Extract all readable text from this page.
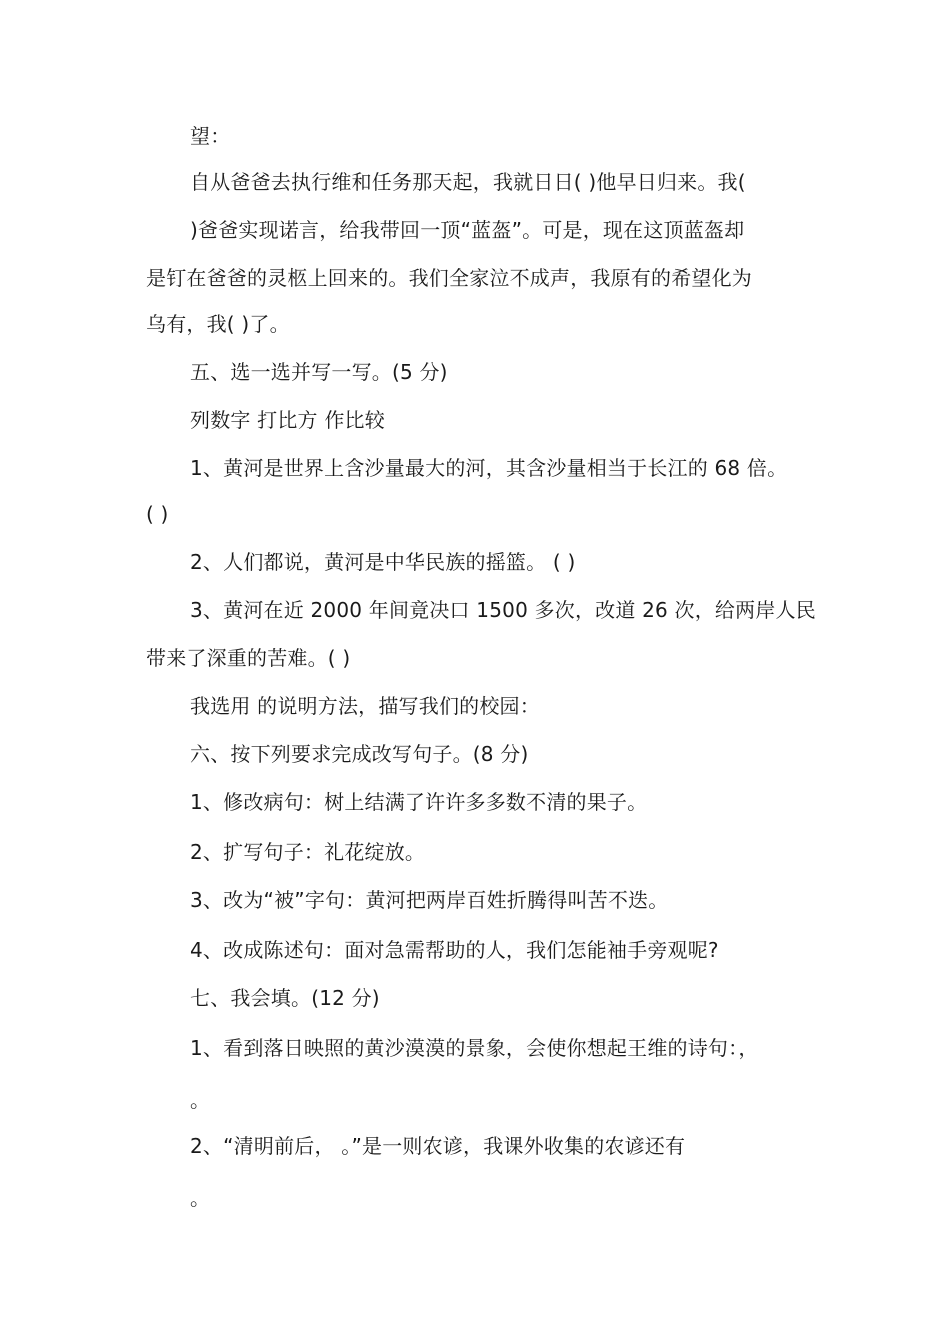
望：
自从爸爸去执行维和任务那天起，我就日日( )他早日归来。我(
)爸爸实现诺言，给我带回一顶“蓝盔”。可是，现在这顶蓝盔却
是钉在爸爸的灵柩上回来的。我们全家泣不成声，我原有的希望化为
乌有，我( )了。
五、选一选并写一写。(5 分)
列数字 打比方 作比较
1、黄河是世界上含沙量最大的河，其含沙量相当于长江的 68 倍。
( )
2、人们都说，黄河是中华民族的摇篮。 ( )
3、黄河在近 2000 年间竟决口 1500 多次，改道 26 次，给两岸人民
带来了深重的苦难。( )
我选用 的说明方法，描写我们的校园：
六、按下列要求完成改写句子。(8 分)
1、修改病句：树上结满了许许多多数不清的果子。
2、扩写句子：礼花绽放。
3、改为“被”字句：黄河把两岸百姓折腾得叫苦不迭。
4、改成陈述句：面对急需帮助的人，我们怎能袖手旁观呢?
七、我会填。(12 分)
1、看到落日映照的黄沙漠漠的景象，会使你想起王维的诗句：，
。
2、“清明前后， 。”是一则农谚，我课外收集的农谚还有
。
